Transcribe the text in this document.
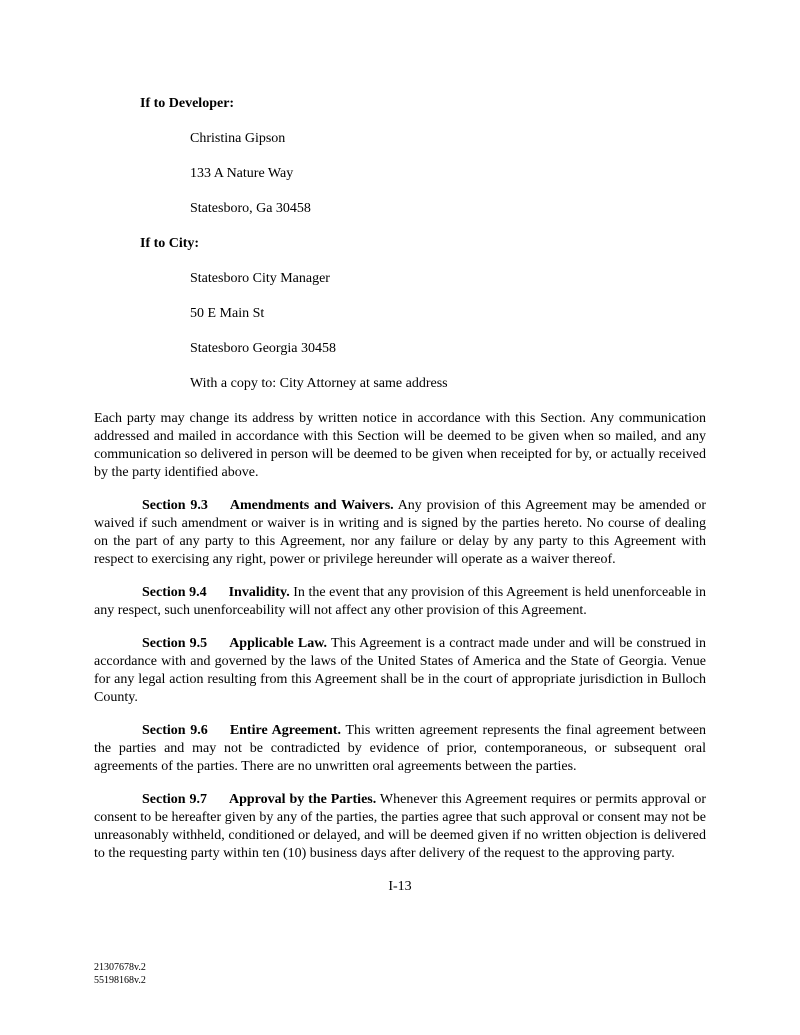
If to Developer:

Christina Gipson

133 A Nature Way

Statesboro, Ga 30458

If to City:

Statesboro City Manager

50 E Main St

Statesboro Georgia 30458

With a copy to: City Attorney at same address

Each party may change its address by written notice in accordance with this Section. Any communication addressed and mailed in accordance with this Section will be deemed to be given when so mailed, and any communication so delivered in person will be deemed to be given when receipted for by, or actually received by the party identified above.

Section 9.3 Amendments and Waivers. Any provision of this Agreement may be amended or waived if such amendment or waiver is in writing and is signed by the parties hereto. No course of dealing on the part of any party to this Agreement, nor any failure or delay by any party to this Agreement with respect to exercising any right, power or privilege hereunder will operate as a waiver thereof.

Section 9.4 Invalidity. In the event that any provision of this Agreement is held unenforceable in any respect, such unenforceability will not affect any other provision of this Agreement.

Section 9.5 Applicable Law. This Agreement is a contract made under and will be construed in accordance with and governed by the laws of the United States of America and the State of Georgia. Venue for any legal action resulting from this Agreement shall be in the court of appropriate jurisdiction in Bulloch County.

Section 9.6 Entire Agreement. This written agreement represents the final agreement between the parties and may not be contradicted by evidence of prior, contemporaneous, or subsequent oral agreements of the parties. There are no unwritten oral agreements between the parties.

Section 9.7 Approval by the Parties. Whenever this Agreement requires or permits approval or consent to be hereafter given by any of the parties, the parties agree that such approval or consent may not be unreasonably withheld, conditioned or delayed, and will be deemed given if no written objection is delivered to the requesting party within ten (10) business days after delivery of the request to the approving party.

I-13
21307678v.2
55198168v.2
